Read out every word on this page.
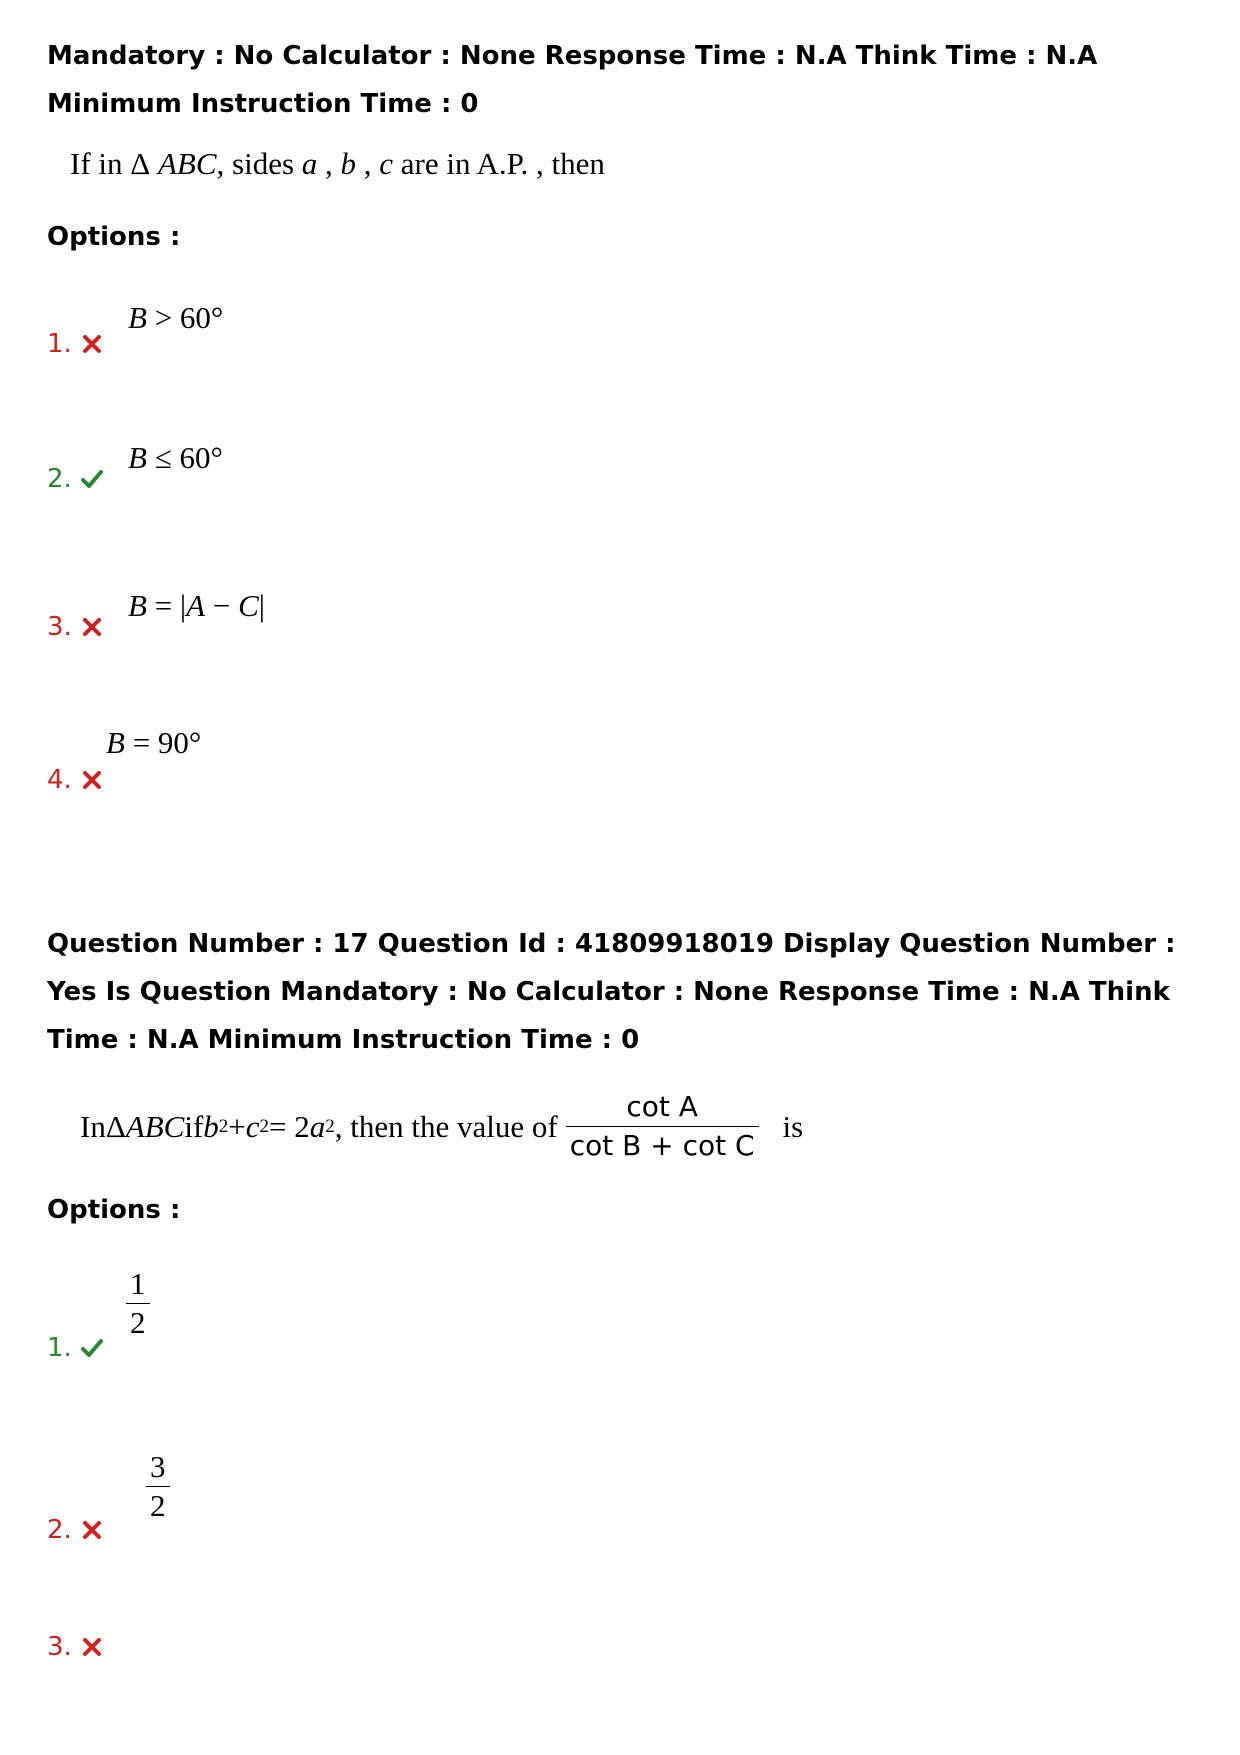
Mandatory : No Calculator : None Response Time : N.A Think Time : N.A Minimum Instruction Time : 0

If in Δ ABC, sides a , b , c are in A.P. , then

Options :

B > 60°
1.
B ≤ 60°
2.
B = |A − C|
3.
B = 90°
4.

Question Number : 17 Question Id : 41809918019 Display Question Number : Yes Is Question Mandatory : No Calculator : None Response Time : N.A Think Time : N.A Minimum Instruction Time : 0

In Δ ABC if b 2 + c 2 = 2 a 2 , then the value of $\frac{\text{cot A}}{\text{cot B + cot C}}$ is

Options :

$\frac{1}{2}$
1.
$\frac{3}{2}$
2.
3.
